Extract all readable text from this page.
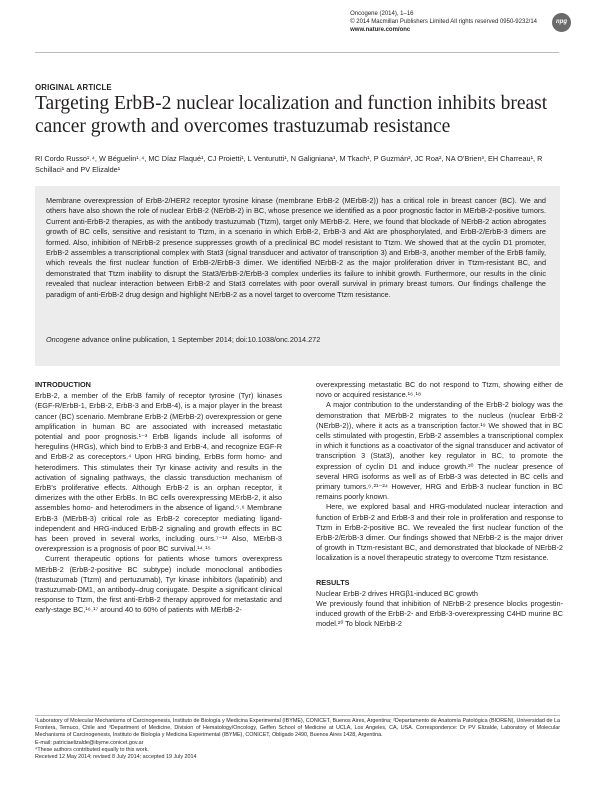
Oncogene (2014), 1–16
© 2014 Macmillan Publishers Limited All rights reserved 0950-9232/14
www.nature.com/onc
npg
ORIGINAL ARTICLE
Targeting ErbB-2 nuclear localization and function inhibits breast cancer growth and overcomes trastuzumab resistance
RI Cordo Russo¹˒⁴, W Béguelin¹˒⁴, MC Díaz Flaqué¹, CJ Proietti¹, L Venturutti¹, N Galigniana¹, M Tkach¹, P Guzmán², JC Roa², NA O’Brien³, EH Charreau¹, R Schillaci¹ and PV Elizalde¹
Membrane overexpression of ErbB-2/HER2 receptor tyrosine kinase (membrane ErbB-2 (MErbB-2)) has a critical role in breast cancer (BC). We and others have also shown the role of nuclear ErbB-2 (NErbB-2) in BC, whose presence we identified as a poor prognostic factor in MErbB-2-positive tumors. Current anti-ErbB-2 therapies, as with the antibody trastuzumab (Ttzm), target only MErbB-2. Here, we found that blockade of NErbB-2 action abrogates growth of BC cells, sensitive and resistant to Ttzm, in a scenario in which ErbB-2, ErbB-3 and Akt are phosphorylated, and ErbB-2/ErbB-3 dimers are formed. Also, inhibition of NErbB-2 presence suppresses growth of a preclinical BC model resistant to Ttzm. We showed that at the cyclin D1 promoter, ErbB-2 assembles a transcriptional complex with Stat3 (signal transducer and activator of transcription 3) and ErbB-3, another member of the ErbB family, which reveals the first nuclear function of ErbB-2/ErbB-3 dimer. We identified NErbB-2 as the major proliferation driver in Ttzm-resistant BC, and demonstrated that Ttzm inability to disrupt the Stat3/ErbB-2/ErbB-3 complex underlies its failure to inhibit growth. Furthermore, our results in the clinic revealed that nuclear interaction between ErbB-2 and Stat3 correlates with poor overall survival in primary breast tumors. Our findings challenge the paradigm of anti-ErbB-2 drug design and highlight NErbB-2 as a novel target to overcome Ttzm resistance.
Oncogene advance online publication, 1 September 2014; doi:10.1038/onc.2014.272
INTRODUCTION

ErbB-2, a member of the ErbB family of receptor tyrosine (Tyr) kinases (EGF-R/ErbB-1, ErbB-2, ErbB-3 and ErbB-4), is a major player in the breast cancer (BC) scenario. Membrane ErbB-2 (MErbB-2) overexpression or gene amplification in human BC are associated with increased metastatic potential and poor prognosis.¹⁻³ ErbB ligands include all isoforms of heregulins (HRGs), which bind to ErbB-3 and ErbB-4, and recognize EGF-R and ErbB-2 as coreceptors.⁴ Upon HRG binding, ErbBs form homo- and heterodimers. This stimulates their Tyr kinase activity and results in the activation of signaling pathways, the classic transduction mechanism of ErbB’s proliferative effects. Although ErbB-2 is an orphan receptor, it dimerizes with the other ErbBs. In BC cells overexpressing MErbB-2, it also assembles homo- and heterodimers in the absence of ligand.⁵˒⁶ Membrane ErbB-3 (MErbB-3) critical role as ErbB-2 coreceptor mediating ligand-independent and HRG-induced ErbB-2 signaling and growth effects in BC has been proved in several works, including ours.⁷⁻¹³ Also, MErbB-3 overexpression is a prognosis of poor BC survival.¹⁴˒¹⁵

Current therapeutic options for patients whose tumors overexpress MErbB-2 (ErbB-2-positive BC subtype) include monoclonal antibodies (trastuzumab (Ttzm) and pertuzumab), Tyr kinase inhibitors (lapatinib) and trastuzumab-DM1, an antibody–drug conjugate. Despite a significant clinical response to Ttzm, the first anti-ErbB-2 therapy approved for metastatic and early-stage BC,¹⁶˒¹⁷ around 40 to 60% of patients with MErbB-2-

overexpressing metastatic BC do not respond to Ttzm, showing either de novo or acquired resistance.¹⁶˒¹⁸

A major contribution to the understanding of the ErbB-2 biology was the demonstration that MErbB-2 migrates to the nucleus (nuclear ErbB-2 (NErbB-2)), where it acts as a transcription factor.¹⁹ We showed that in BC cells stimulated with progestin, ErbB-2 assembles a transcriptional complex in which it functions as a coactivator of the signal transducer and activator of transcription 3 (Stat3), another key regulator in BC, to promote the expression of cyclin D1 and induce growth.²⁰ The nuclear presence of several HRG isoforms as well as of ErbB-3 was detected in BC cells and primary tumors.⁶˒²¹⁻²⁴ However, HRG and ErbB-3 nuclear function in BC remains poorly known.

Here, we explored basal and HRG-modulated nuclear interaction and function of ErbB-2 and ErbB-3 and their role in proliferation and response to Ttzm in ErbB-2-positive BC. We revealed the first nuclear function of the ErbB-2/ErbB-3 dimer. Our findings showed that NErbB-2 is the major driver of growth in Ttzm-resistant BC, and demonstrated that blockade of NErbB-2 localization is a novel therapeutic strategy to overcome Ttzm resistance.

RESULTS
Nuclear ErbB-2 drives HRGβ1-induced BC growth

We previously found that inhibition of NErbB-2 presence blocks progestin-induced growth of the ErbB-2- and ErbB-3-overexpressing C4HD murine BC model.²⁰ To block NErbB-2

¹Laboratory of Molecular Mechanisms of Carcinogenesis, Instituto de Biología y Medicina Experimental (IBYME), CONICET, Buenos Aires, Argentina; ²Departamento de Anatomía Patológica (BIOREN), Universidad de La Frontera, Temuco, Chile and ³Department of Medicine, Division of Hematology/Oncology, Geffen School of Medicine at UCLA, Los Angeles, CA, USA. Correspondence: Dr PV Elizalde, Laboratory of Molecular Mechanisms of Carcinogenesis, Instituto de Biología y Medicina Experimental (IBYME), CONICET, Obligado 2490, Buenos Aires 1428, Argentina.
E-mail: patriciaelizalde@ibyme.conicet.gov.ar
⁴These authors contributed equally to this work.
Received 12 May 2014; revised 8 July 2014; accepted 19 July 2014
